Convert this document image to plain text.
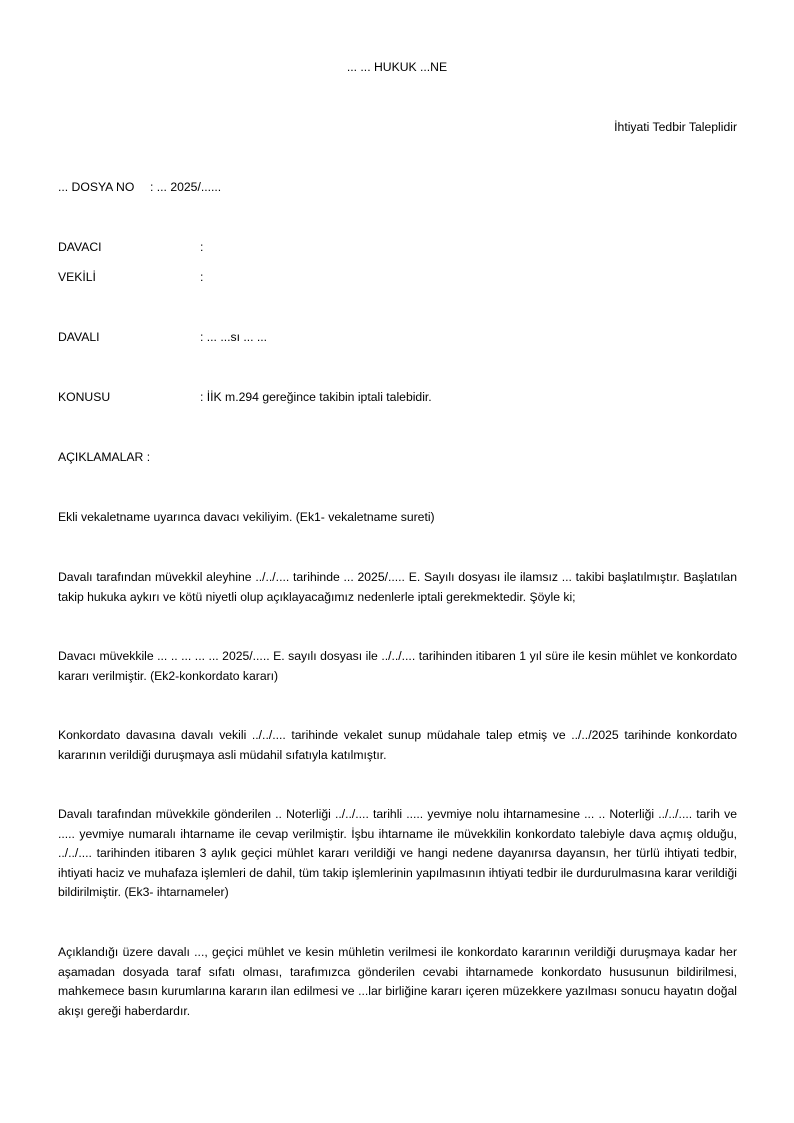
... ... HUKUK ...NE
İhtiyati Tedbir Taleplidir
... DOSYA NO : ... 2025/......
DAVACI	:
VEKİLİ	:
DAVALI	: ... ...sı ... ...
KONUSU	: İİK m.294 gereğince takibin iptali talebidir.
AÇIKLAMALAR :

Ekli vekaletname uyarınca davacı vekiliyim. (Ek1- vekaletname sureti)

Davalı tarafından müvekkil aleyhine ../../.... tarihinde ... 2025/..... E. Sayılı dosyası ile ilamsız ... takibi başlatılmıştır. Başlatılan takip hukuka aykırı ve kötü niyetli olup açıklayacağımız nedenlerle iptali gerekmektedir. Şöyle ki;

Davacı müvekkile ... .. ... ... ... 2025/..... E. sayılı dosyası ile ../../.... tarihinden itibaren 1 yıl süre ile kesin mühlet ve konkordato kararı verilmiştir. (Ek2-konkordato kararı)

Konkordato davasına davalı vekili ../../.... tarihinde vekalet sunup müdahale talep etmiş ve ../../2025 tarihinde konkordato kararının verildiği duruşmaya asli müdahil sıfatıyla katılmıştır.

Davalı tarafından müvekkile gönderilen .. Noterliği ../../.... tarihli ..... yevmiye nolu ihtarnamesine ... .. Noterliği ../../.... tarih ve ..... yevmiye numaralı ihtarname ile cevap verilmiştir. İşbu ihtarname ile müvekkilin konkordato talebiyle dava açmış olduğu, ../../.... tarihinden itibaren 3 aylık geçici mühlet kararı verildiği ve hangi nedene dayanırsa dayansın, her türlü ihtiyati tedbir, ihtiyati haciz ve muhafaza işlemleri de dahil, tüm takip işlemlerinin yapılmasının ihtiyati tedbir ile durdurulmasına karar verildiği bildirilmiştir. (Ek3- ihtarnameler)

Açıklandığı üzere davalı ..., geçici mühlet ve kesin mühletin verilmesi ile konkordato kararının verildiği duruşmaya kadar her aşamadan dosyada taraf sıfatı olması, tarafımızca gönderilen cevabi ihtarnamede konkordato hususunun bildirilmesi, mahkemece basın kurumlarına kararın ilan edilmesi ve ...lar birliğine kararı içeren müzekkere yazılması sonucu hayatın doğal akışı gereği haberdardır.
